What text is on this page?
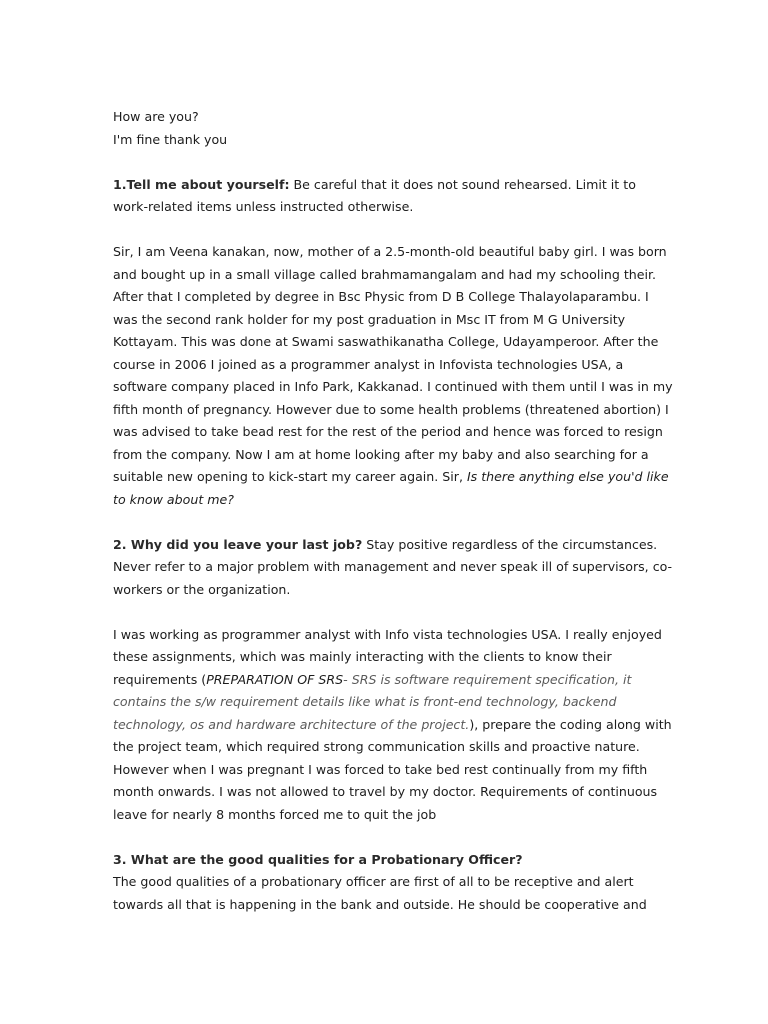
How are you?
I'm fine thank you
1.Tell me about yourself: Be careful that it does not sound rehearsed. Limit it to
work-related items unless instructed otherwise.
Sir, I am Veena kanakan, now, mother of a 2.5-month-old beautiful baby girl. I was born
and bought up in a small village called brahmamangalam and had my schooling their.
After that I completed by degree in Bsc Physic from D B College Thalayolaparambu. I
was the second rank holder for my post graduation in Msc IT from M G University
Kottayam. This was done at Swami saswathikanatha College, Udayamperoor. After the
course in 2006 I joined as a programmer analyst in Infovista technologies USA, a
software company placed in Info Park, Kakkanad. I continued with them until I was in my
fifth month of pregnancy. However due to some health problems (threatened abortion) I
was advised to take bead rest for the rest of the period and hence was forced to resign
from the company. Now I am at home looking after my baby and also searching for a
suitable new opening to kick-start my career again. Sir, Is there anything else you'd like
to know about me?
2. Why did you leave your last job? Stay positive regardless of the circumstances.
Never refer to a major problem with management and never speak ill of supervisors, co-
workers or the organization.
I was working as programmer analyst with Info vista technologies USA. I really enjoyed
these assignments, which was mainly interacting with the clients to know their
requirements (PREPARATION OF SRS- SRS is software requirement specification, it
contains the s/w requirement details like what is front-end technology, backend
technology, os and hardware architecture of the project.), prepare the coding along with
the project team, which required strong communication skills and proactive nature.
However when I was pregnant I was forced to take bed rest continually from my fifth
month onwards. I was not allowed to travel by my doctor. Requirements of continuous
leave for nearly 8 months forced me to quit the job
3. What are the good qualities for a Probationary Officer?
The good qualities of a probationary officer are first of all to be receptive and alert
towards all that is happening in the bank and outside. He should be cooperative and
